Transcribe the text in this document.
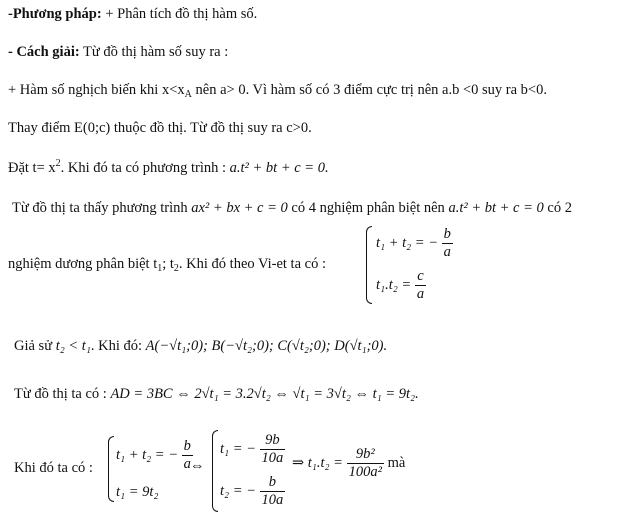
-Phương pháp: + Phân tích đồ thị hàm số.
- Cách giải: Từ đồ thị hàm số suy ra :
+ Hàm số nghịch biến khi $x<x_A$ nên a> 0. Vì hàm số có 3 điểm cực trị nên a.b <0 suy ra b<0.
Thay điểm E(0;c) thuộc đồ thị. Từ đồ thị suy ra c>0.
Đặt $t= x^2$. Khi đó ta có phương trình : a.t² + bt + c = 0.
Từ đồ thị ta thấy phương trình ax² + bx + c = 0 có 4 nghiệm phân biệt nên a.t² + bt + c = 0 có 2
nghiệm dương phân biệt $t_1$; $t_2$. Khi đó theo Vi-et ta có :
t₁ + t₂ = − $\frac{b}{a}$
$t_1.t_2 = \frac{c}{a}$
Giả sử t₂ < t₁. Khi đó: A(−√t₁;0); B(−√t₂;0); C(√t₂;0); D(√t₁;0).
Từ đồ thị ta có : AD = 3BC ⇔ 2√t₁ = 3.2√t₂ ⇔ √t₁ = 3√t₂ ⇔ t₁ = 9t₂.
Khi đó ta có :
t₁ + t₂ = − $\frac{b}{a}$
t₁ = 9t₂
⇔
t₁ = − $\frac{9b}{10a}$
t₂ = − $\frac{b}{10a}$
⇒ $t_1.t_2 = \frac{\text{9b²}}{\text{100a²}}$ mà
